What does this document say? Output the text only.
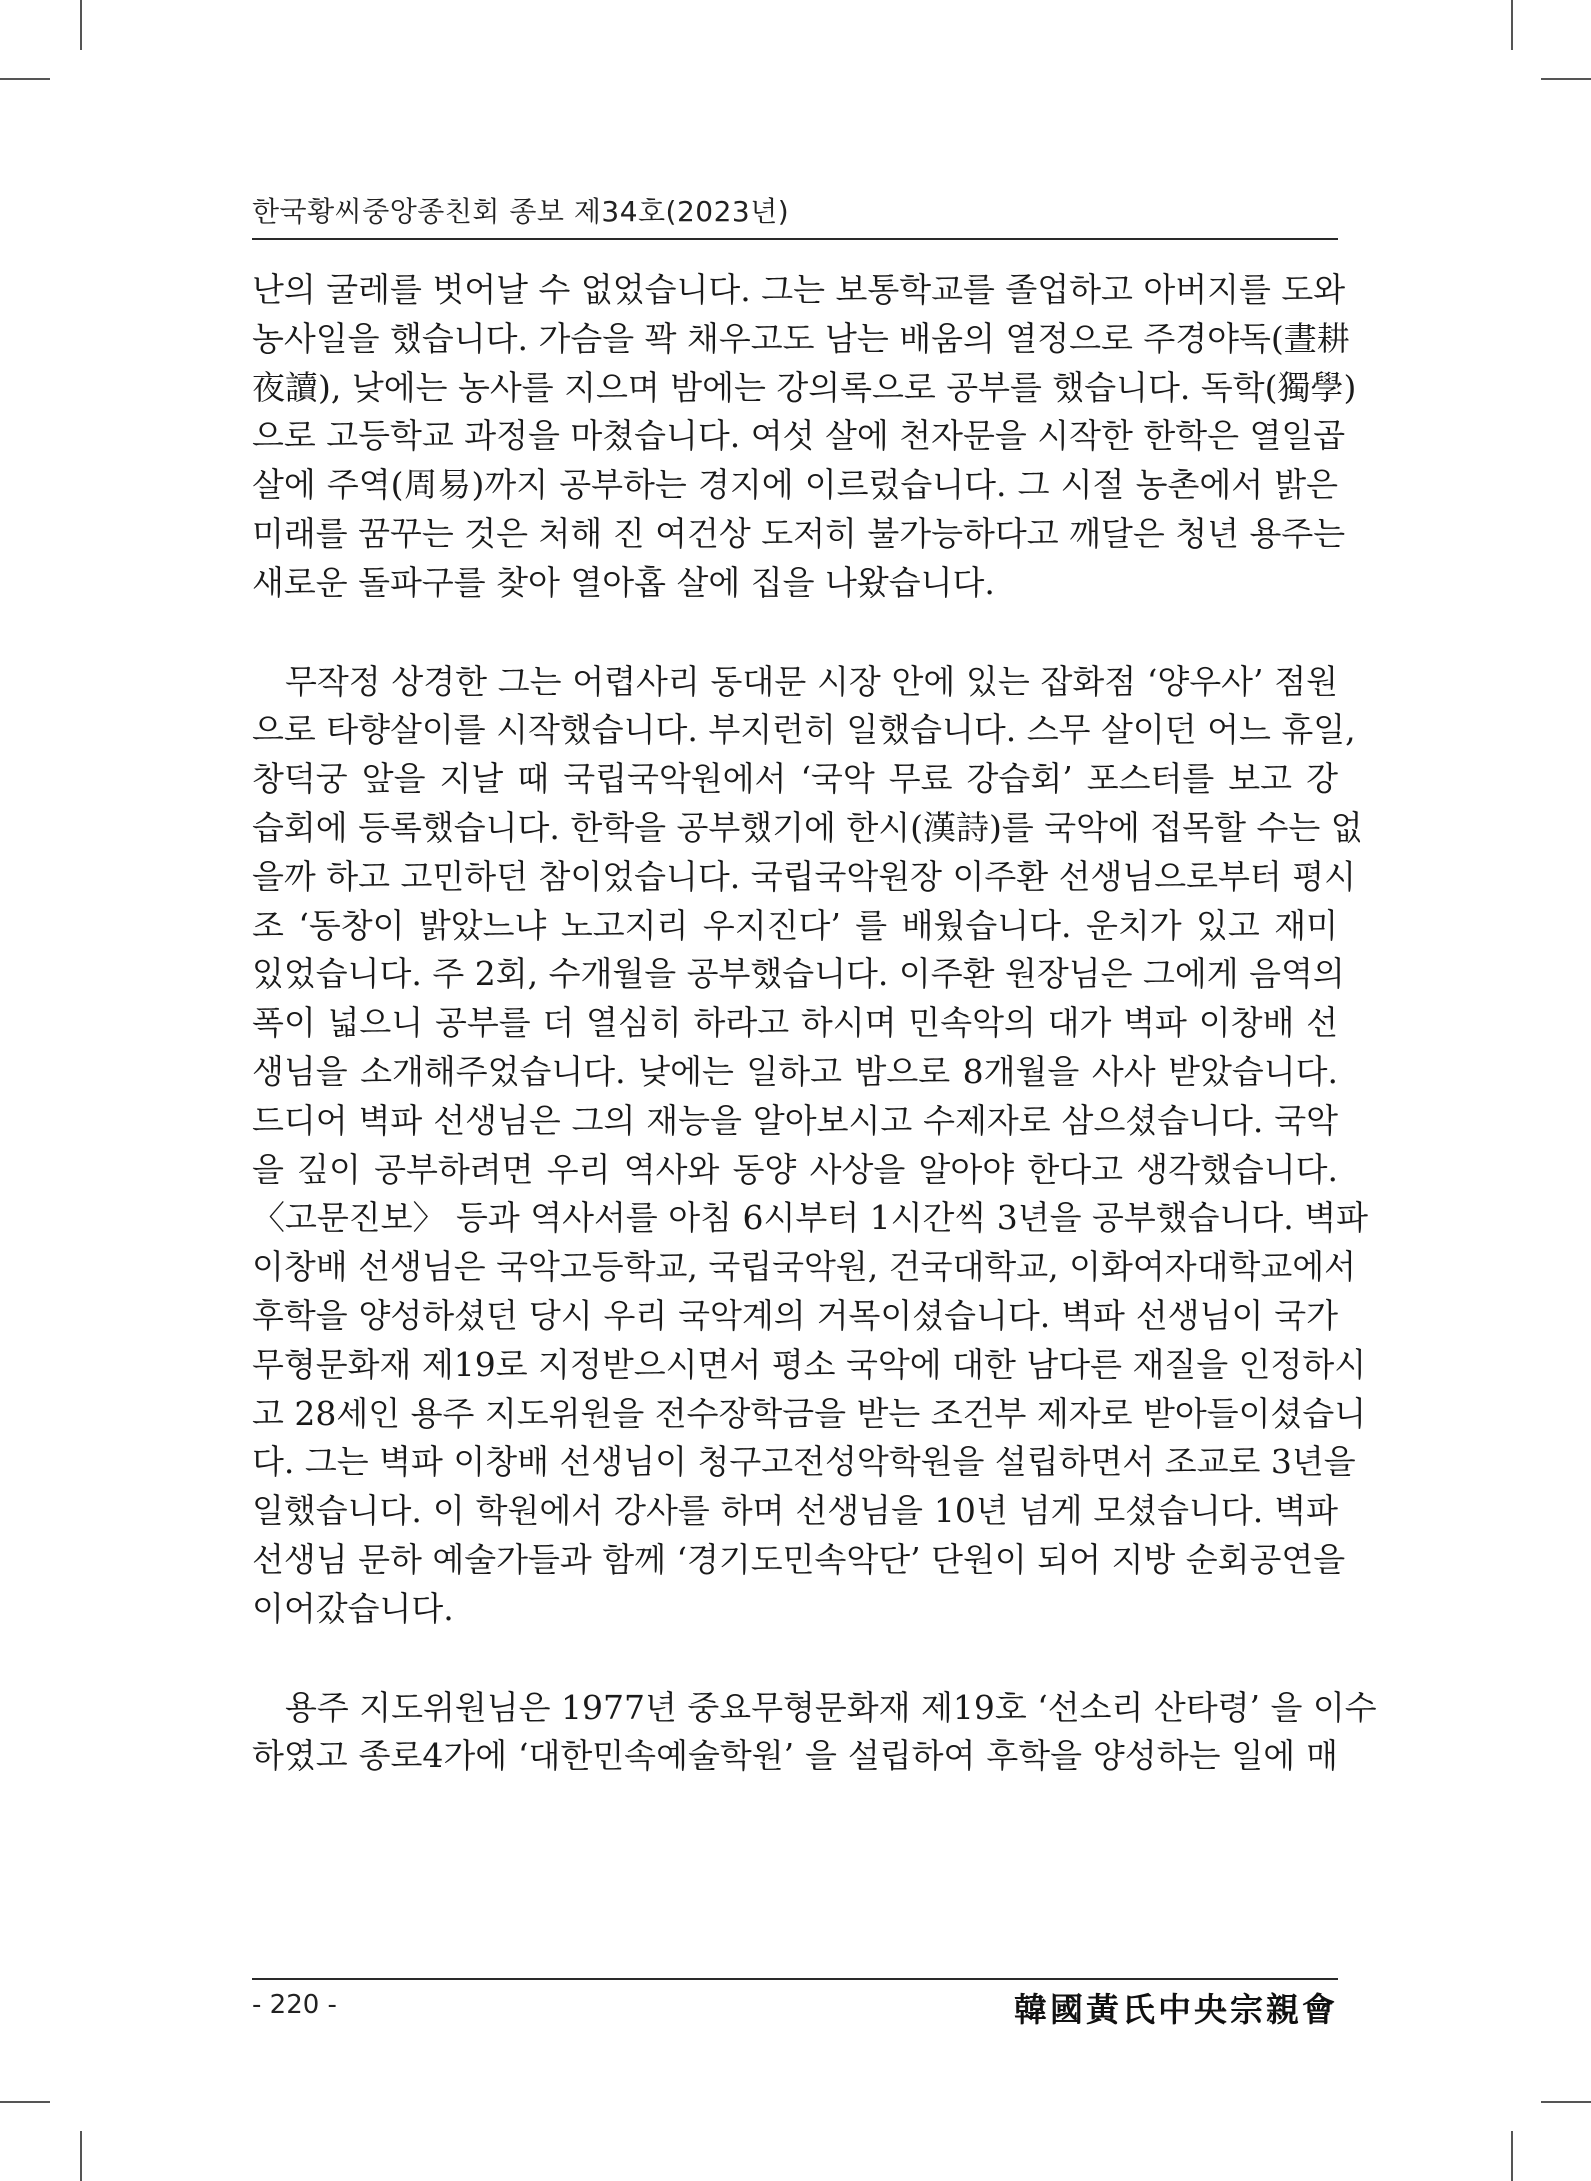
한국황씨중앙종친회 종보 제34호(2023년)

난의 굴레를 벗어날 수 없었습니다. 그는 보통학교를 졸업하고 아버지를 도와
농사일을 했습니다. 가슴을 꽉 채우고도 남는 배움의 열정으로 주경야독(晝耕
夜讀), 낮에는 농사를 지으며 밤에는 강의록으로 공부를 했습니다. 독학(獨學)
으로 고등학교 과정을 마쳤습니다. 여섯 살에 천자문을 시작한 한학은 열일곱
살에 주역(周易)까지 공부하는 경지에 이르렀습니다. 그 시절 농촌에서 밝은
미래를 꿈꾸는 것은 처해 진 여건상 도저히 불가능하다고 깨달은 청년 용주는
새로운 돌파구를 찾아 열아홉 살에 집을 나왔습니다.

무작정 상경한 그는 어렵사리 동대문 시장 안에 있는 잡화점 ‘양우사’ 점원
으로 타향살이를 시작했습니다. 부지런히 일했습니다. 스무 살이던 어느 휴일,
창덕궁 앞을 지날 때 국립국악원에서 ‘국악 무료 강습회’ 포스터를 보고 강
습회에 등록했습니다. 한학을 공부했기에 한시(漢詩)를 국악에 접목할 수는 없
을까 하고 고민하던 참이었습니다. 국립국악원장 이주환 선생님으로부터 평시
조 ‘동창이 밝았느냐 노고지리 우지진다’ 를 배웠습니다. 운치가 있고 재미
있었습니다. 주 2회, 수개월을 공부했습니다. 이주환 원장님은 그에게 음역의
폭이 넓으니 공부를 더 열심히 하라고 하시며 민속악의 대가 벽파 이창배 선
생님을 소개해주었습니다. 낮에는 일하고 밤으로 8개월을 사사 받았습니다.
드디어 벽파 선생님은 그의 재능을 알아보시고 수제자로 삼으셨습니다. 국악
을 깊이 공부하려면 우리 역사와 동양 사상을 알아야 한다고 생각했습니다.
〈고문진보〉 등과 역사서를 아침 6시부터 1시간씩 3년을 공부했습니다. 벽파
이창배 선생님은 국악고등학교, 국립국악원, 건국대학교, 이화여자대학교에서
후학을 양성하셨던 당시 우리 국악계의 거목이셨습니다. 벽파 선생님이 국가
무형문화재 제19로 지정받으시면서 평소 국악에 대한 남다른 재질을 인정하시
고 28세인 용주 지도위원을 전수장학금을 받는 조건부 제자로 받아들이셨습니
다. 그는 벽파 이창배 선생님이 청구고전성악학원을 설립하면서 조교로 3년을
일했습니다. 이 학원에서 강사를 하며 선생님을 10년 넘게 모셨습니다. 벽파
선생님 문하 예술가들과 함께 ‘경기도민속악단’ 단원이 되어 지방 순회공연을
이어갔습니다.

용주 지도위원님은 1977년 중요무형문화재 제19호 ‘선소리 산타령’ 을 이수
하였고 종로4가에 ‘대한민속예술학원’ 을 설립하여 후학을 양성하는 일에 매

- 220 -	韓國黃氏中央宗親會
